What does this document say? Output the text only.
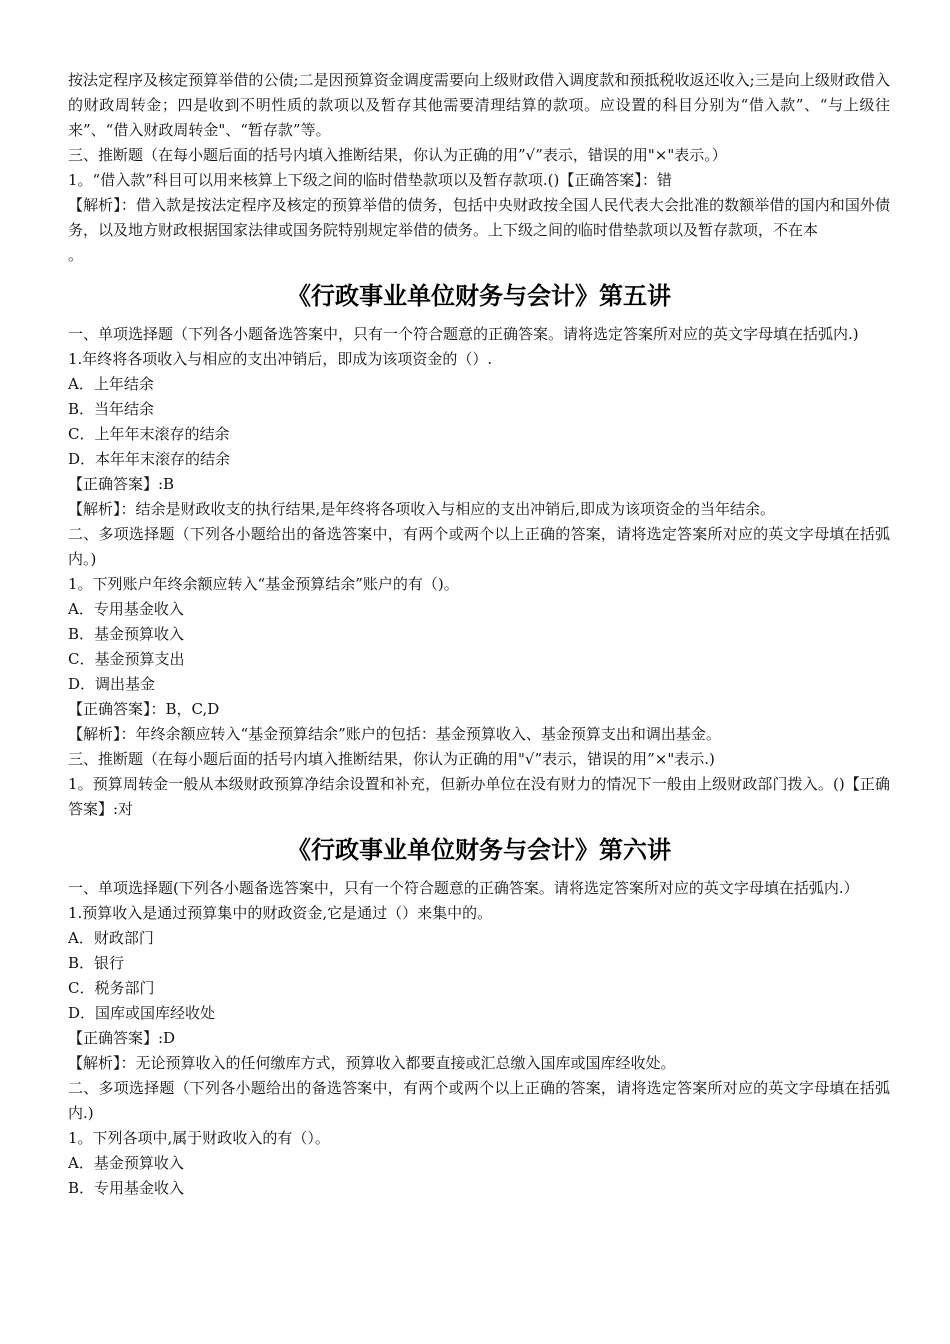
按法定程序及核定预算举借的公债;二是因预算资金调度需要向上级财政借入调度款和预抵税收返还收入;三是向上级财政借入的财政周转金；四是收到不明性质的款项以及暂存其他需要清理结算的款项。应设置的科目分别为“借入款”、“与上级往来”、“借入财政周转金"、“暂存款”等。

三、推断题（在每小题后面的括号内填入推断结果，你认为正确的用”√”表示，错误的用"×"表示。）

1。“借入款”科目可以用来核算上下级之间的临时借垫款项以及暂存款项.()【正确答案】：错

【解析】：借入款是按法定程序及核定的预算举借的债务，包括中央财政按全国人民代表大会批准的数额举借的国内和国外债务，以及地方财政根据国家法律或国务院特别规定举借的债务。上下级之间的临时借垫款项以及暂存款项，不在本

。

《行政事业单位财务与会计》第五讲

一、单项选择题（下列各小题备选答案中，只有一个符合题意的正确答案。请将选定答案所对应的英文字母填在括弧内.)

1.年终将各项收入与相应的支出冲销后，即成为该项资金的（）.

A．上年结余

B．当年结余

C．上年年末滚存的结余

D．本年年末滚存的结余

【正确答案】:B

【解析】：结余是财政收支的执行结果,是年终将各项收入与相应的支出冲销后,即成为该项资金的当年结余。

二、多项选择题（下列各小题给出的备选答案中，有两个或两个以上正确的答案，请将选定答案所对应的英文字母填在括弧内。)

1。下列账户年终余额应转入“基金预算结余”账户的有（)。

A．专用基金收入

B．基金预算收入

C．基金预算支出

D．调出基金

【正确答案】：B，C,D

【解析】：年终余额应转入“基金预算结余”账户的包括：基金预算收入、基金预算支出和调出基金。

三、推断题（在每小题后面的括号内填入推断结果，你认为正确的用"√”表示，错误的用”×"表示.)

1。预算周转金一般从本级财政预算净结余设置和补充，但新办单位在没有财力的情况下一般由上级财政部门拨入。()【正确答案】:对

《行政事业单位财务与会计》第六讲

一、单项选择题(下列各小题备选答案中，只有一个符合题意的正确答案。请将选定答案所对应的英文字母填在括弧内.）

1.预算收入是通过预算集中的财政资金,它是通过（）来集中的。

A．财政部门

B．银行

C．税务部门

D．国库或国库经收处

【正确答案】:D

【解析】：无论预算收入的任何缴库方式，预算收入都要直接或汇总缴入国库或国库经收处。

二、多项选择题（下列各小题给出的备选答案中，有两个或两个以上正确的答案，请将选定答案所对应的英文字母填在括弧内.)

1。下列各项中,属于财政收入的有（）。

A．基金预算收入

B．专用基金收入
